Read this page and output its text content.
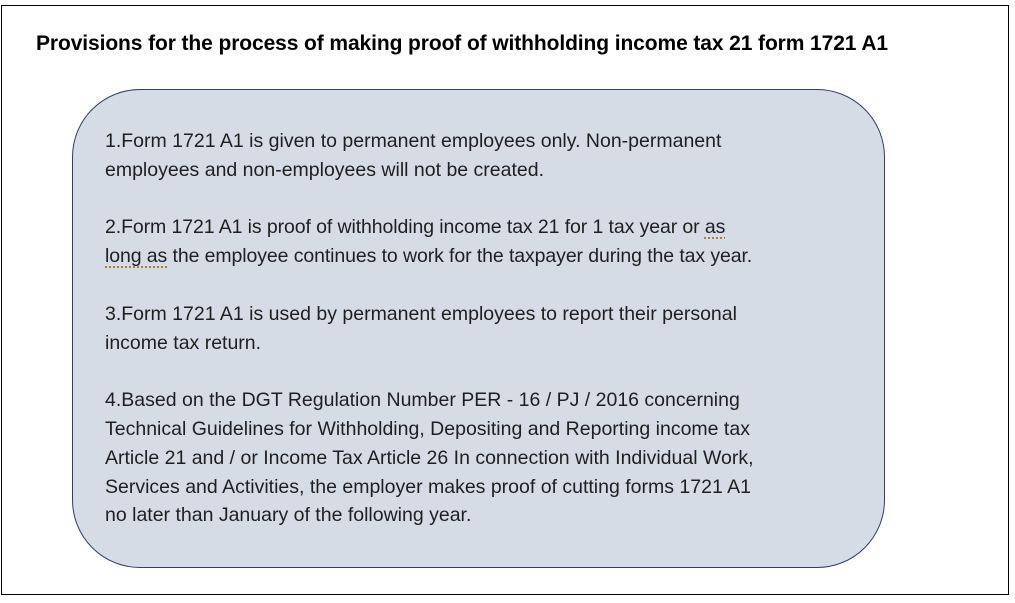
Provisions for the process of making proof of withholding income tax 21 form 1721 A1
1.Form 1721 A1 is given to permanent employees only. Non-permanent
employees and non-employees will not be created.
2.Form 1721 A1 is proof of withholding income tax 21 for 1 tax year or as
long as the employee continues to work for the taxpayer during the tax year.
3.Form 1721 A1 is used by permanent employees to report their personal
income tax return.
4.Based on the DGT Regulation Number PER - 16 / PJ / 2016 concerning
Technical Guidelines for Withholding, Depositing and Reporting income tax
Article 21 and / or Income Tax Article 26 In connection with Individual Work,
Services and Activities, the employer makes proof of cutting forms 1721 A1
no later than January of the following year.
